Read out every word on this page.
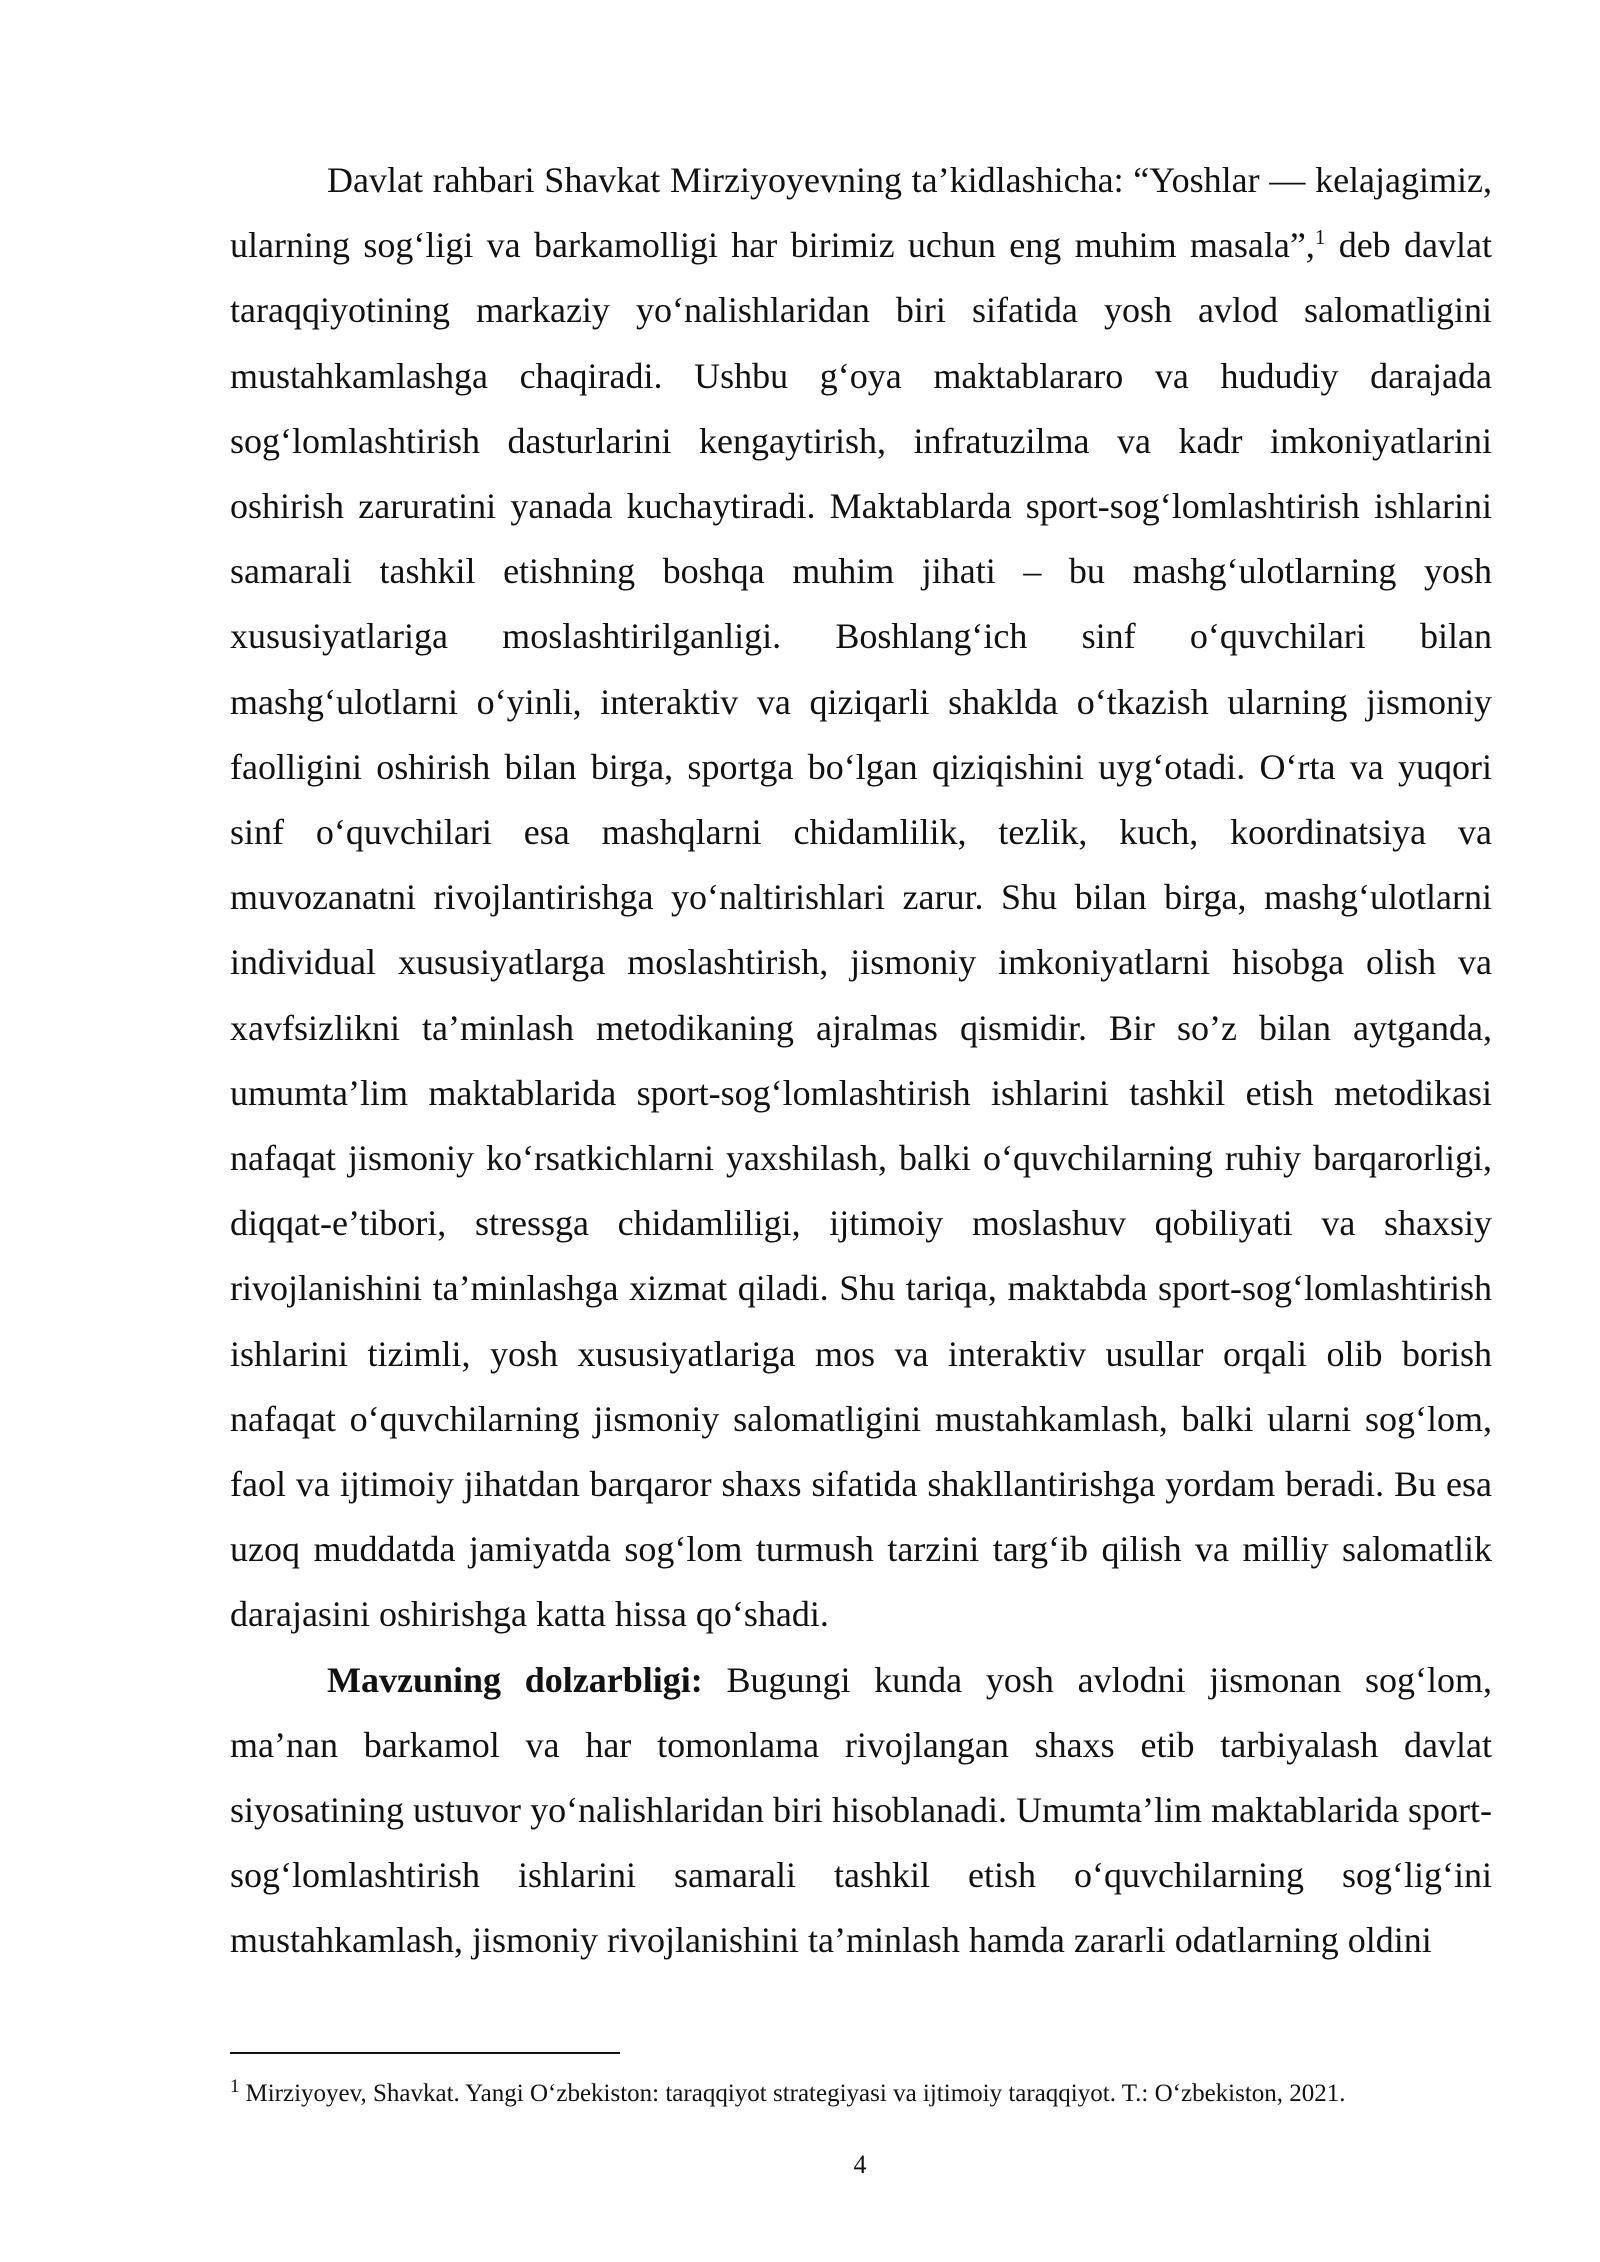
Davlat rahbari Shavkat Mirziyoyevning ta’kidlashicha: “Yoshlar — kelajagimiz, ularning sog‘ligi va barkamolligi har birimiz uchun eng muhim masala”,$^1$ deb davlat taraqqiyotining markaziy yo‘nalishlaridan biri sifatida yosh avlod salomatligini mustahkamlashga chaqiradi. Ushbu g‘oya maktablararo va hududiy darajada sog‘lomlashtirish dasturlarini kengaytirish, infratuzilma va kadr imkoniyatlarini oshirish zaruratini yanada kuchaytiradi. Maktablarda sport-sog‘lomlashtirish ishlarini samarali tashkil etishning boshqa muhim jihati – bu mashg‘ulotlarning yosh xususiyatlariga moslashtirilganligi. Boshlang‘ich sinf o‘quvchilari bilan mashg‘ulotlarni o‘yinli, interaktiv va qiziqarli shaklda o‘tkazish ularning jismoniy faolligini oshirish bilan birga, sportga bo‘lgan qiziqishini uyg‘otadi. O‘rta va yuqori sinf o‘quvchilari esa mashqlarni chidamlilik, tezlik, kuch, koordinatsiya va muvozanatni rivojlantirishga yo‘naltirishlari zarur. Shu bilan birga, mashg‘ulotlarni individual xususiyatlarga moslashtirish, jismoniy imkoniyatlarni hisobga olish va xavfsizlikni ta’minlash metodikaning ajralmas qismidir. Bir so’z bilan aytganda, umumta’lim maktablarida sport-sog‘lomlashtirish ishlarini tashkil etish metodikasi nafaqat jismoniy ko‘rsatkichlarni yaxshilash, balki o‘quvchilarning ruhiy barqarorligi, diqqat-e’tibori, stressga chidamliligi, ijtimoiy moslashuv qobiliyati va shaxsiy rivojlanishini ta’minlashga xizmat qiladi. Shu tariqa, maktabda sport-sog‘lomlashtirish ishlarini tizimli, yosh xususiyatlariga mos va interaktiv usullar orqali olib borish nafaqat o‘quvchilarning jismoniy salomatligini mustahkamlash, balki ularni sog‘lom, faol va ijtimoiy jihatdan barqaror shaxs sifatida shakllantirishga yordam beradi. Bu esa uzoq muddatda jamiyatda sog‘lom turmush tarzini targ‘ib qilish va milliy salomatlik darajasini oshirishga katta hissa qo‘shadi.

Mavzuning dolzarbligi: Bugungi kunda yosh avlodni jismonan sog‘lom, ma’nan barkamol va har tomonlama rivojlangan shaxs etib tarbiyalash davlat siyosatining ustuvor yo‘nalishlaridan biri hisoblanadi. Umumta’lim maktablarida sport-sog‘lomlashtirish ishlarini samarali tashkil etish o‘quvchilarning sog‘lig‘ini mustahkamlash, jismoniy rivojlanishini ta’minlash hamda zararli odatlarning oldini

$^1$ Mirziyoyev, Shavkat. Yangi O‘zbekiston: taraqqiyot strategiyasi va ijtimoiy taraqqiyot. T.: O‘zbekiston, 2021.
4
